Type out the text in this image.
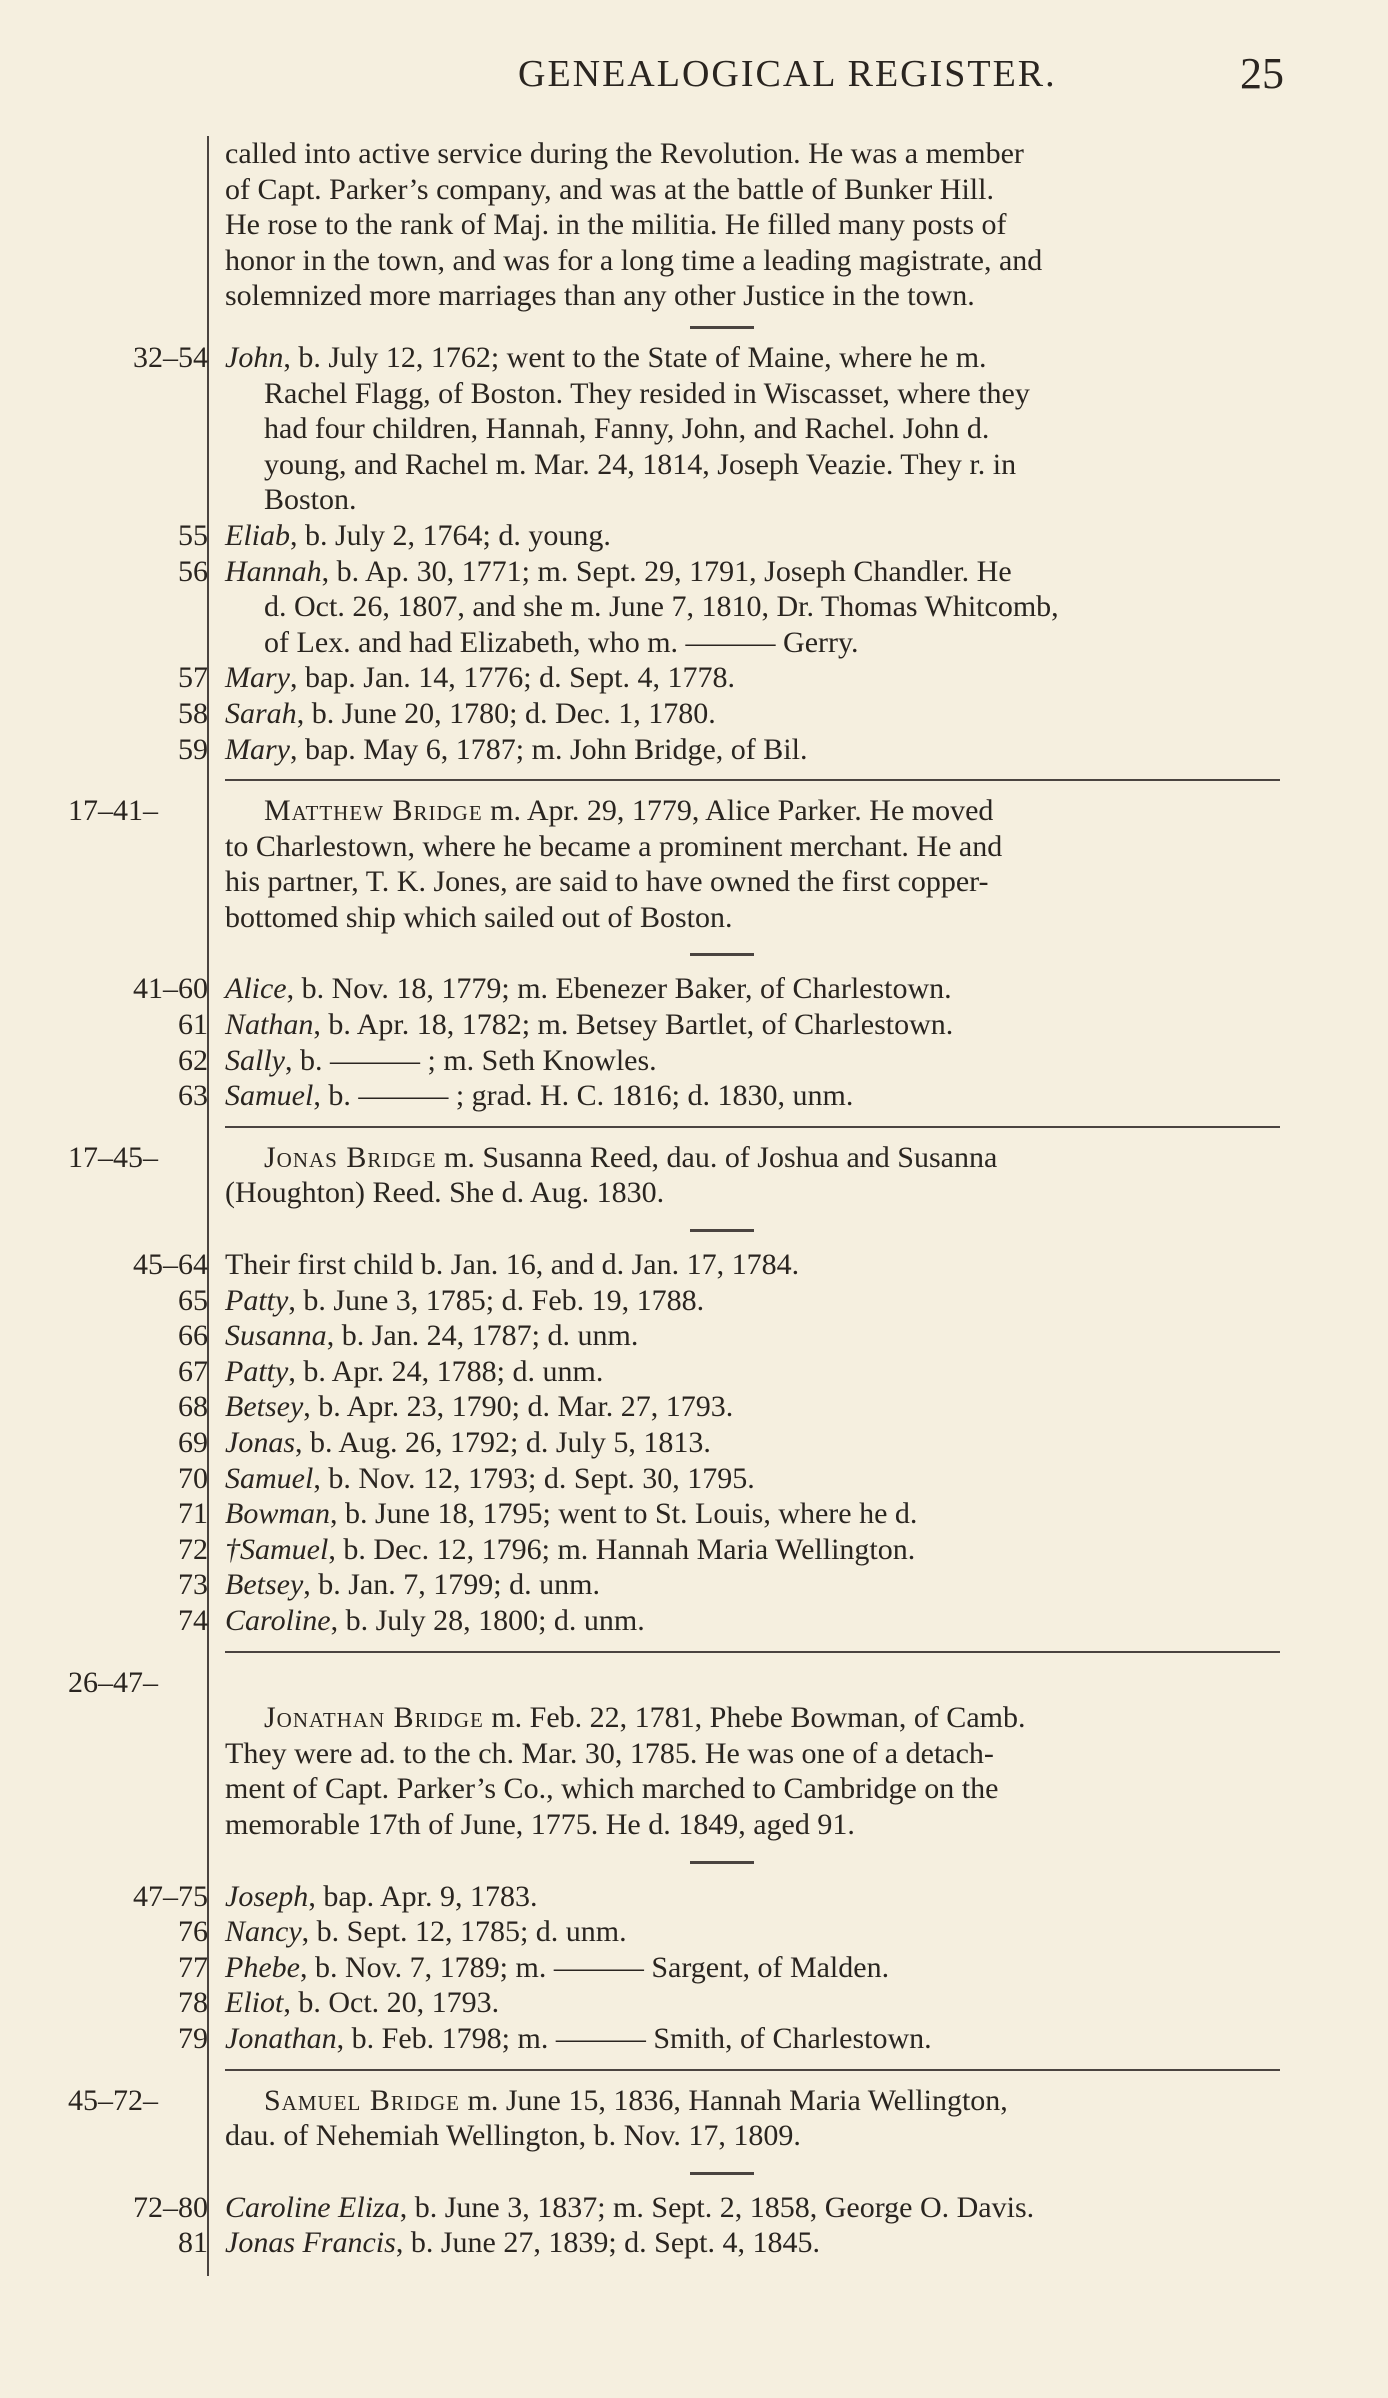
GENEALOGICAL REGISTER.	25
called into active service during the Revolution. He was a member
of Capt. Parker’s company, and was at the battle of Bunker Hill.
He rose to the rank of Maj. in the militia. He filled many posts of
honor in the town, and was for a long time a leading magistrate, and
solemnized more marriages than any other Justice in the town.
32–54 John, b. July 12, 1762; went to the State of Maine, where he m.
Rachel Flagg, of Boston. They resided in Wiscasset, where they
had four children, Hannah, Fanny, John, and Rachel. John d.
young, and Rachel m. Mar. 24, 1814, Joseph Veazie. They r. in
Boston.
55 Eliab, b. July 2, 1764; d. young.
56 Hannah, b. Ap. 30, 1771; m. Sept. 29, 1791, Joseph Chandler. He
d. Oct. 26, 1807, and she m. June 7, 1810, Dr. Thomas Whitcomb,
of Lex. and had Elizabeth, who m. ——— Gerry.
57 Mary, bap. Jan. 14, 1776; d. Sept. 4, 1778.
58 Sarah, b. June 20, 1780; d. Dec. 1, 1780.
59 Mary, bap. May 6, 1787; m. John Bridge, of Bil.
17–41–	Matthew Bridge m. Apr. 29, 1779, Alice Parker. He moved
to Charlestown, where he became a prominent merchant. He and
his partner, T. K. Jones, are said to have owned the first copper-
bottomed ship which sailed out of Boston.
41–60 Alice, b. Nov. 18, 1779; m. Ebenezer Baker, of Charlestown.
61 Nathan, b. Apr. 18, 1782; m. Betsey Bartlet, of Charlestown.
62 Sally, b. ——— ; m. Seth Knowles.
63 Samuel, b. ——— ; grad. H. C. 1816; d. 1830, unm.
17–45–	Jonas Bridge m. Susanna Reed, dau. of Joshua and Susanna
(Houghton) Reed. She d. Aug. 1830.
45–64 Their first child b. Jan. 16, and d. Jan. 17, 1784.
65 Patty, b. June 3, 1785; d. Feb. 19, 1788.
66 Susanna, b. Jan. 24, 1787; d. unm.
67 Patty, b. Apr. 24, 1788; d. unm.
68 Betsey, b. Apr. 23, 1790; d. Mar. 27, 1793.
69 Jonas, b. Aug. 26, 1792; d. July 5, 1813.
70 Samuel, b. Nov. 12, 1793; d. Sept. 30, 1795.
71 Bowman, b. June 18, 1795; went to St. Louis, where he d.
72 †Samuel, b. Dec. 12, 1796; m. Hannah Maria Wellington.
73 Betsey, b. Jan. 7, 1799; d. unm.
74 Caroline, b. July 28, 1800; d. unm.
26–47–
Jonathan Bridge m. Feb. 22, 1781, Phebe Bowman, of Camb.
They were ad. to the ch. Mar. 30, 1785. He was one of a detach-
ment of Capt. Parker’s Co., which marched to Cambridge on the
memorable 17th of June, 1775. He d. 1849, aged 91.
47–75 Joseph, bap. Apr. 9, 1783.
76 Nancy, b. Sept. 12, 1785; d. unm.
77 Phebe, b. Nov. 7, 1789; m. ——— Sargent, of Malden.
78 Eliot, b. Oct. 20, 1793.
79 Jonathan, b. Feb. 1798; m. ——— Smith, of Charlestown.
45–72–	Samuel Bridge m. June 15, 1836, Hannah Maria Wellington,
dau. of Nehemiah Wellington, b. Nov. 17, 1809.
72–80 Caroline Eliza, b. June 3, 1837; m. Sept. 2, 1858, George O. Davis.
81 Jonas Francis, b. June 27, 1839; d. Sept. 4, 1845.
